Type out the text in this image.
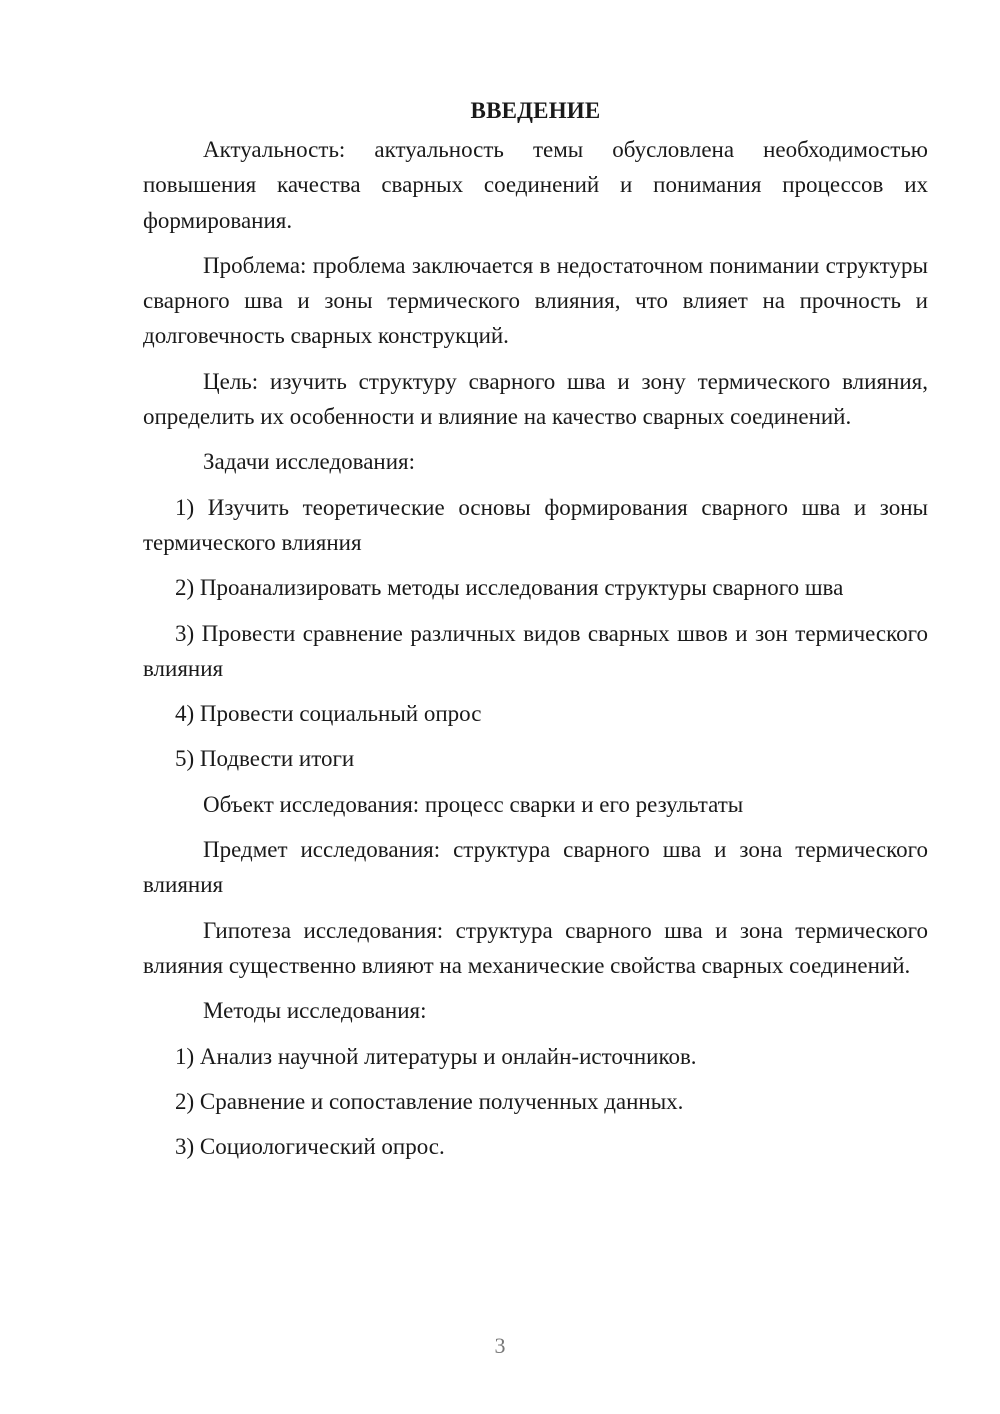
ВВЕДЕНИЕ

Актуальность: актуальность темы обусловлена необходимостью повышения качества сварных соединений и понимания процессов их формирования.

Проблема: проблема заключается в недостаточном понимании структуры сварного шва и зоны термического влияния, что влияет на прочность и долговечность сварных конструкций.

Цель: изучить структуру сварного шва и зону термического влияния, определить их особенности и влияние на качество сварных соединений.

Задачи исследования:

1) Изучить теоретические основы формирования сварного шва и зоны термического влияния

2) Проанализировать методы исследования структуры сварного шва

3) Провести сравнение различных видов сварных швов и зон термического влияния

4) Провести социальный опрос

5) Подвести итоги

Объект исследования: процесс сварки и его результаты

Предмет исследования: структура сварного шва и зона термического влияния

Гипотеза исследования: структура сварного шва и зона термического влияния существенно влияют на механические свойства сварных соединений.

Методы исследования:

1) Анализ научной литературы и онлайн-источников.

2) Сравнение и сопоставление полученных данных.

3) Социологический опрос.

3
